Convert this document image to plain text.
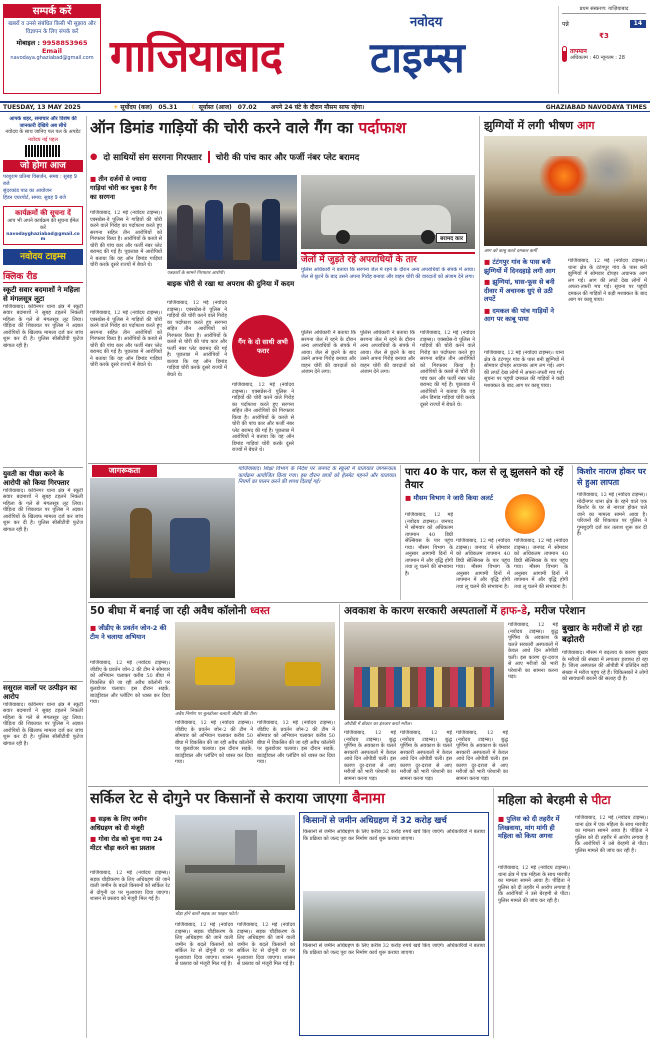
सम्पर्क करें
खबरों व उनसे संबंधित किसी भी सुझाव और विज्ञापन के लिए संपर्क करें
मोबाइल : 9958853965
Email
navodaya.ghaziabad@gmail.com
नवोदय
गाजियाबाद टाइम्स
प्रथम संस्करण: ग़ाज़ियाबाद
पन्ने	14
₹3
तापमान
अधिकतम : 40 न्यूनतम : 28
TUESDAY, 13 MAY 2025	☀ सूर्योदय (कल) 05.31 ☾ सूर्यास्त (आज) 07.02 अपने 24 घंटे के दौरान मौसम साफ रहेगा।	GHAZIABAD NAVODAYA TIMES
आपके शहर, समाचार और विशेष की जानकारी देखिये अब सीधे
नवोदय के साथ जानिए पल पल के अपडेट
नवोदय नई पहल
जो होगा आज
परशुराम प्रतिमा विसर्जन, समय : सुबह 9 बजे
सुंदरकांड पाठ का आयोजन
हिंडन एयरपोर्ट, समय: सुबह 9 बजे
कार्यक्रमों की सूचना दें
आप भी अपने कार्यक्रम की सूचना ईमेल करें
navodayghaziabad@gmail.com
नवोदय टाइम्स
क्लिक रीड
स्कूटी सवार बदमाशों ने महिला से मंगलसूत्र लूटा
गाजियाबाद। कविनगर थाना क्षेत्र में स्कूटी सवार बदमाशों ने सुबह टहलने निकली महिला के गले से मंगलसूत्र लूट लिया। पीड़िता की शिकायत पर पुलिस ने अज्ञात आरोपियों के खिलाफ मामला दर्ज कर जांच शुरू कर दी है। पुलिस सीसीटीवी फुटेज खंगाल रही है।
युवती का पीछा करने के आरोपी को किया गिरफ्तार
गाजियाबाद। कविनगर थाना क्षेत्र में स्कूटी सवार बदमाशों ने सुबह टहलने निकली महिला के गले से मंगलसूत्र लूट लिया। पीड़िता की शिकायत पर पुलिस ने अज्ञात आरोपियों के खिलाफ मामला दर्ज कर जांच शुरू कर दी है। पुलिस सीसीटीवी फुटेज खंगाल रही है।
ससुराल वालों पर उत्पीड़न का आरोप
गाजियाबाद। कविनगर थाना क्षेत्र में स्कूटी सवार बदमाशों ने सुबह टहलने निकली महिला के गले से मंगलसूत्र लूट लिया। पीड़िता की शिकायत पर पुलिस ने अज्ञात आरोपियों के खिलाफ मामला दर्ज कर जांच शुरू कर दी है। पुलिस सीसीटीवी फुटेज खंगाल रही है।
ऑन डिमांड गाड़ियों की चोरी करने वाले गैंग का पर्दाफाश
● दो साथियों संग सरगना गिरफ्तार चोरी की पांच कार और फर्जी नंबर प्लेट बरामद
■ तीन दर्जनों से ज्यादा गाड़ियां चोरी कर चुका है गैंग का सरगना
गाजियाबाद, 12 मई (नवोदय टाइम्स)। एक्सप्रेस-वे पुलिस ने गाड़ियों की चोरी करने वाले गिरोह का पर्दाफाश करते हुए सरगना सहित तीन आरोपियों को गिरफ्तार किया है। आरोपियों के कब्जे से चोरी की पांच कार और फर्जी नंबर प्लेट बरामद की गई है। पूछताछ में आरोपियों ने बताया कि वह ऑन डिमांड गाड़ियां चोरी करके दूसरे राज्यों में बेचते थे।
पत्रकारों के सामने गिरफ्तार आरोपी।
बरामद कार
जेलों में जुड़ते रहे अपराधियों के तार
पुलिस अधिकारी ने बताया कि सरगना जेल में रहने के दौरान अन्य अपराधियों के संपर्क में आया। जेल से छूटने के बाद उसने अपना गिरोह बनाया और वाहन चोरी की वारदातों को अंजाम देने लगा।
बाइक चोरी से रखा था अपराध की दुनिया में कदम
गाजियाबाद, 12 मई (नवोदय टाइम्स)। एक्सप्रेस-वे पुलिस ने गाड़ियों की चोरी करने वाले गिरोह का पर्दाफाश करते हुए सरगना सहित तीन आरोपियों को गिरफ्तार किया है। आरोपियों के कब्जे से चोरी की पांच कार और फर्जी नंबर प्लेट बरामद की गई है। पूछताछ में आरोपियों ने बताया कि वह ऑन डिमांड गाड़ियां चोरी करके दूसरे राज्यों में बेचते थे।
गैंग के दो साथी अभी फरार
गाजियाबाद, 12 मई (नवोदय टाइम्स)। एक्सप्रेस-वे पुलिस ने गाड़ियों की चोरी करने वाले गिरोह का पर्दाफाश करते हुए सरगना सहित तीन आरोपियों को गिरफ्तार किया है। आरोपियों के कब्जे से चोरी की पांच कार और फर्जी नंबर प्लेट बरामद की गई है। पूछताछ में आरोपियों ने बताया कि वह ऑन डिमांड गाड़ियां चोरी करके दूसरे राज्यों में बेचते थे।
गाजियाबाद, 12 मई (नवोदय टाइम्स)। एक्सप्रेस-वे पुलिस ने गाड़ियों की चोरी करने वाले गिरोह का पर्दाफाश करते हुए सरगना सहित तीन आरोपियों को गिरफ्तार किया है। आरोपियों के कब्जे से चोरी की पांच कार और फर्जी नंबर प्लेट बरामद की गई है। पूछताछ में आरोपियों ने बताया कि वह ऑन डिमांड गाड़ियां चोरी करके दूसरे राज्यों में बेचते थे।
पुलिस अधिकारी ने बताया कि सरगना जेल में रहने के दौरान अन्य अपराधियों के संपर्क में आया। जेल से छूटने के बाद उसने अपना गिरोह बनाया और वाहन चोरी की वारदातों को अंजाम देने लगा।
पुलिस अधिकारी ने बताया कि सरगना जेल में रहने के दौरान अन्य अपराधियों के संपर्क में आया। जेल से छूटने के बाद उसने अपना गिरोह बनाया और वाहन चोरी की वारदातों को अंजाम देने लगा।
गाजियाबाद, 12 मई (नवोदय टाइम्स)। एक्सप्रेस-वे पुलिस ने गाड़ियों की चोरी करने वाले गिरोह का पर्दाफाश करते हुए सरगना सहित तीन आरोपियों को गिरफ्तार किया है। आरोपियों के कब्जे से चोरी की पांच कार और फर्जी नंबर प्लेट बरामद की गई है। पूछताछ में आरोपियों ने बताया कि वह ऑन डिमांड गाड़ियां चोरी करके दूसरे राज्यों में बेचते थे।
झुग्गियों में लगी भीषण आग
आग को काबू करते दमकल कर्मी
■ टंटंगपुर गांव के पास बनी झुग्गियों में दिनदहाड़े लगी आग
■ झुग्गियां, घास-फूस से बनी दीवार में अचानक धुएं से उठी लपटें
■ दमकल की पांच गाड़ियों ने आग पर काबू पाया
गाजियाबाद, 12 मई (नवोदय टाइम्स)। थाना क्षेत्र के टंटंगपुर गांव के पास बनी झुग्गियों में सोमवार दोपहर अचानक आग लग गई। आग की लपटें देख लोगों में अफरा-तफरी मच गई। सूचना पर पहुंची दमकल की गाड़ियों ने कड़ी मशक्कत के बाद आग पर काबू पाया।
गाजियाबाद, 12 मई (नवोदय टाइम्स)। थाना क्षेत्र के टंटंगपुर गांव के पास बनी झुग्गियों में सोमवार दोपहर अचानक आग लग गई। आग की लपटें देख लोगों में अफरा-तफरी मच गई। सूचना पर पहुंची दमकल की गाड़ियों ने कड़ी मशक्कत के बाद आग पर काबू पाया।
जागरूकता	गाजियाबाद। शिक्षा विभाग के निर्देश पर जनपद के स्कूलों में यातायात जागरूकता कार्यक्रम आयोजित किया गया। इस दौरान छात्रों को हेलमेट पहनने और यातायात नियमों का पालन करने की शपथ दिलाई गई।
पारा 40 के पार, कल से लू झुलसने को रहें तैयार
■ मौसम विभाग ने जारी किया अलर्ट
गाजियाबाद, 12 मई (नवोदय टाइम्स)। जनपद में सोमवार को अधिकतम तापमान 40 डिग्री सेल्सियस के पार पहुंच गया। मौसम विभाग के अनुसार आगामी दिनों में तापमान में और वृद्धि होगी तथा लू चलने की संभावना है।
गाजियाबाद, 12 मई (नवोदय टाइम्स)। जनपद में सोमवार को अधिकतम तापमान 40 डिग्री सेल्सियस के पार पहुंच गया। मौसम विभाग के अनुसार आगामी दिनों में तापमान में और वृद्धि होगी तथा लू चलने की संभावना है।
गाजियाबाद, 12 मई (नवोदय टाइम्स)। जनपद में सोमवार को अधिकतम तापमान 40 डिग्री सेल्सियस के पार पहुंच गया। मौसम विभाग के अनुसार आगामी दिनों में तापमान में और वृद्धि होगी तथा लू चलने की संभावना है।
किशोर नाराज होकर घर से हुआ लापता
गाजियाबाद, 12 मई (नवोदय टाइम्स)। मोदीनगर थाना क्षेत्र के रहने वाले एक किशोर के घर से नाराज होकर चले जाने का मामला सामने आया है। परिजनों की शिकायत पर पुलिस ने गुमशुदगी दर्ज कर तलाश शुरू कर दी है।
50 बीघा में बनाई जा रही अवैध कॉलोनी ध्वस्त
■ जीडीए के प्रवर्तन जोन-2 की टीम ने चलाया अभियान
अवैध निर्माण पर बुलडोजर चलाती जीडीए की टीम।
गाजियाबाद, 12 मई (नवोदय टाइम्स)। जीडीए के प्रवर्तन जोन-2 की टीम ने सोमवार को अभियान चलाकर करीब 50 बीघा में विकसित की जा रही अवैध कॉलोनी पर बुलडोजर चलाया। इस दौरान सड़कें, बाउंड्रीवाल और प्लॉटिंग को ध्वस्त कर दिया गया।
गाजियाबाद, 12 मई (नवोदय टाइम्स)। जीडीए के प्रवर्तन जोन-2 की टीम ने सोमवार को अभियान चलाकर करीब 50 बीघा में विकसित की जा रही अवैध कॉलोनी पर बुलडोजर चलाया। इस दौरान सड़कें, बाउंड्रीवाल और प्लॉटिंग को ध्वस्त कर दिया गया।
गाजियाबाद, 12 मई (नवोदय टाइम्स)। जीडीए के प्रवर्तन जोन-2 की टीम ने सोमवार को अभियान चलाकर करीब 50 बीघा में विकसित की जा रही अवैध कॉलोनी पर बुलडोजर चलाया। इस दौरान सड़कें, बाउंड्रीवाल और प्लॉटिंग को ध्वस्त कर दिया गया।
अवकाश के कारण सरकारी अस्पतालों में हाफ-डे, मरीज परेशान
ओपीडी में डॉक्टर का इंतजार करते मरीज।
गाजियाबाद, 12 मई (नवोदय टाइम्स)। बुद्ध पूर्णिमा के अवकाश के चलते सरकारी अस्पतालों में केवल आधे दिन ओपीडी चली। इस कारण दूर-दराज से आए मरीजों को भारी परेशानी का सामना करना पड़ा।
गाजियाबाद, 12 मई (नवोदय टाइम्स)। बुद्ध पूर्णिमा के अवकाश के चलते सरकारी अस्पतालों में केवल आधे दिन ओपीडी चली। इस कारण दूर-दराज से आए मरीजों को भारी परेशानी का सामना करना पड़ा।
गाजियाबाद, 12 मई (नवोदय टाइम्स)। बुद्ध पूर्णिमा के अवकाश के चलते सरकारी अस्पतालों में केवल आधे दिन ओपीडी चली। इस कारण दूर-दराज से आए मरीजों को भारी परेशानी का सामना करना पड़ा।
गाजियाबाद, 12 मई (नवोदय टाइम्स)। बुद्ध पूर्णिमा के अवकाश के चलते सरकारी अस्पतालों में केवल आधे दिन ओपीडी चली। इस कारण दूर-दराज से आए मरीजों को भारी परेशानी का सामना करना पड़ा।
बुखार के मरीजों में हो रहा बढ़ोतरी
गाजियाबाद। मौसम में बदलाव के कारण बुखार के मरीजों की संख्या में लगातार इजाफा हो रहा है। जिला अस्पताल की ओपीडी में प्रतिदिन बड़ी संख्या में मरीज पहुंच रहे हैं। चिकित्सकों ने लोगों को सावधानी बरतने की सलाह दी है।
सर्किल रेट से दोगुने पर किसानों से कराया जाएगा बैनामा
■ सड़क के लिए जमीन अधिग्रहण को दी मंजूरी
■ गोवा रोड को चुना गया 24 मीटर चौड़ा करने का प्रस्ताव
गाजियाबाद, 12 मई (नवोदय टाइम्स)। सड़क चौड़ीकरण के लिए अधिग्रहण की जाने वाली जमीन के बदले किसानों को सर्किल रेट से दोगुनी दर पर मुआवजा दिया जाएगा। शासन से प्रस्ताव को मंजूरी मिल गई है।
चौड़ा होने वाली सड़क का फाइल फोटो।
गाजियाबाद, 12 मई (नवोदय टाइम्स)। सड़क चौड़ीकरण के लिए अधिग्रहण की जाने वाली जमीन के बदले किसानों को सर्किल रेट से दोगुनी दर पर मुआवजा दिया जाएगा। शासन से प्रस्ताव को मंजूरी मिल गई है।
गाजियाबाद, 12 मई (नवोदय टाइम्स)। सड़क चौड़ीकरण के लिए अधिग्रहण की जाने वाली जमीन के बदले किसानों को सर्किल रेट से दोगुनी दर पर मुआवजा दिया जाएगा। शासन से प्रस्ताव को मंजूरी मिल गई है।
किसानों से जमीन अधिग्रहण में 32 करोड़ खर्च
किसानों से जमीन अधिग्रहण के लिए करीब 32 करोड़ रुपये खर्च किए जाएंगे। अधिकारियों ने बताया कि प्रक्रिया को जल्द पूरा कर निर्माण कार्य शुरू कराया जाएगा।
किसानों से जमीन अधिग्रहण के लिए करीब 32 करोड़ रुपये खर्च किए जाएंगे। अधिकारियों ने बताया कि प्रक्रिया को जल्द पूरा कर निर्माण कार्य शुरू कराया जाएगा।
महिला को बेरहमी से पीटा
■ पुलिस को दी तहरीर में लिखवाया, मांग मांगी ही महिला को किया अगवा
गाजियाबाद, 12 मई (नवोदय टाइम्स)। थाना क्षेत्र में एक महिला के साथ मारपीट का मामला सामने आया है। पीड़िता ने पुलिस को दी तहरीर में आरोप लगाया है कि आरोपियों ने उसे बेरहमी से पीटा। पुलिस मामले की जांच कर रही है।
गाजियाबाद, 12 मई (नवोदय टाइम्स)। थाना क्षेत्र में एक महिला के साथ मारपीट का मामला सामने आया है। पीड़िता ने पुलिस को दी तहरीर में आरोप लगाया है कि आरोपियों ने उसे बेरहमी से पीटा। पुलिस मामले की जांच कर रही है।
